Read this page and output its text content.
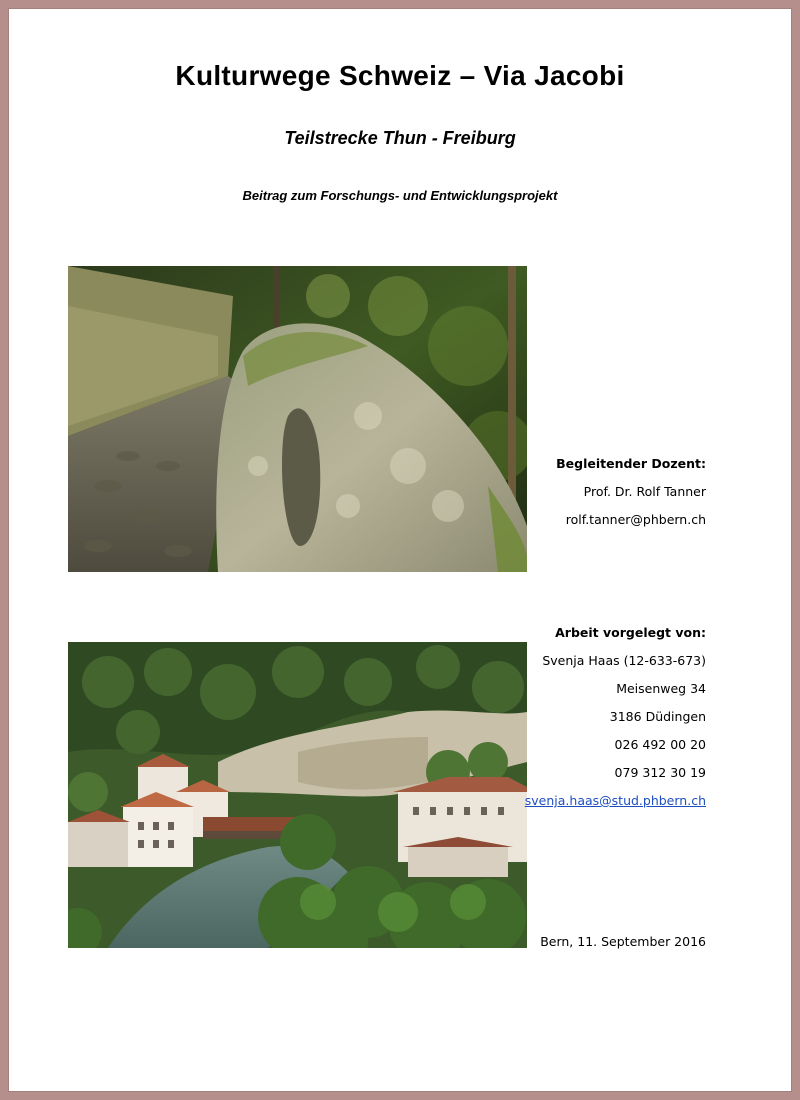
Kulturwege Schweiz – Via Jacobi
Teilstrecke Thun - Freiburg
Beitrag zum Forschungs- und Entwicklungsprojekt
Begleitender Dozent:
Prof. Dr. Rolf Tanner
rolf.tanner@phbern.ch
Arbeit vorgelegt von:
Svenja Haas (12-633-673)
Meisenweg 34
3186 Düdingen
026 492 00 20
079 312 30 19
svenja.haas@stud.phbern.ch
Bern, 11. September 2016
